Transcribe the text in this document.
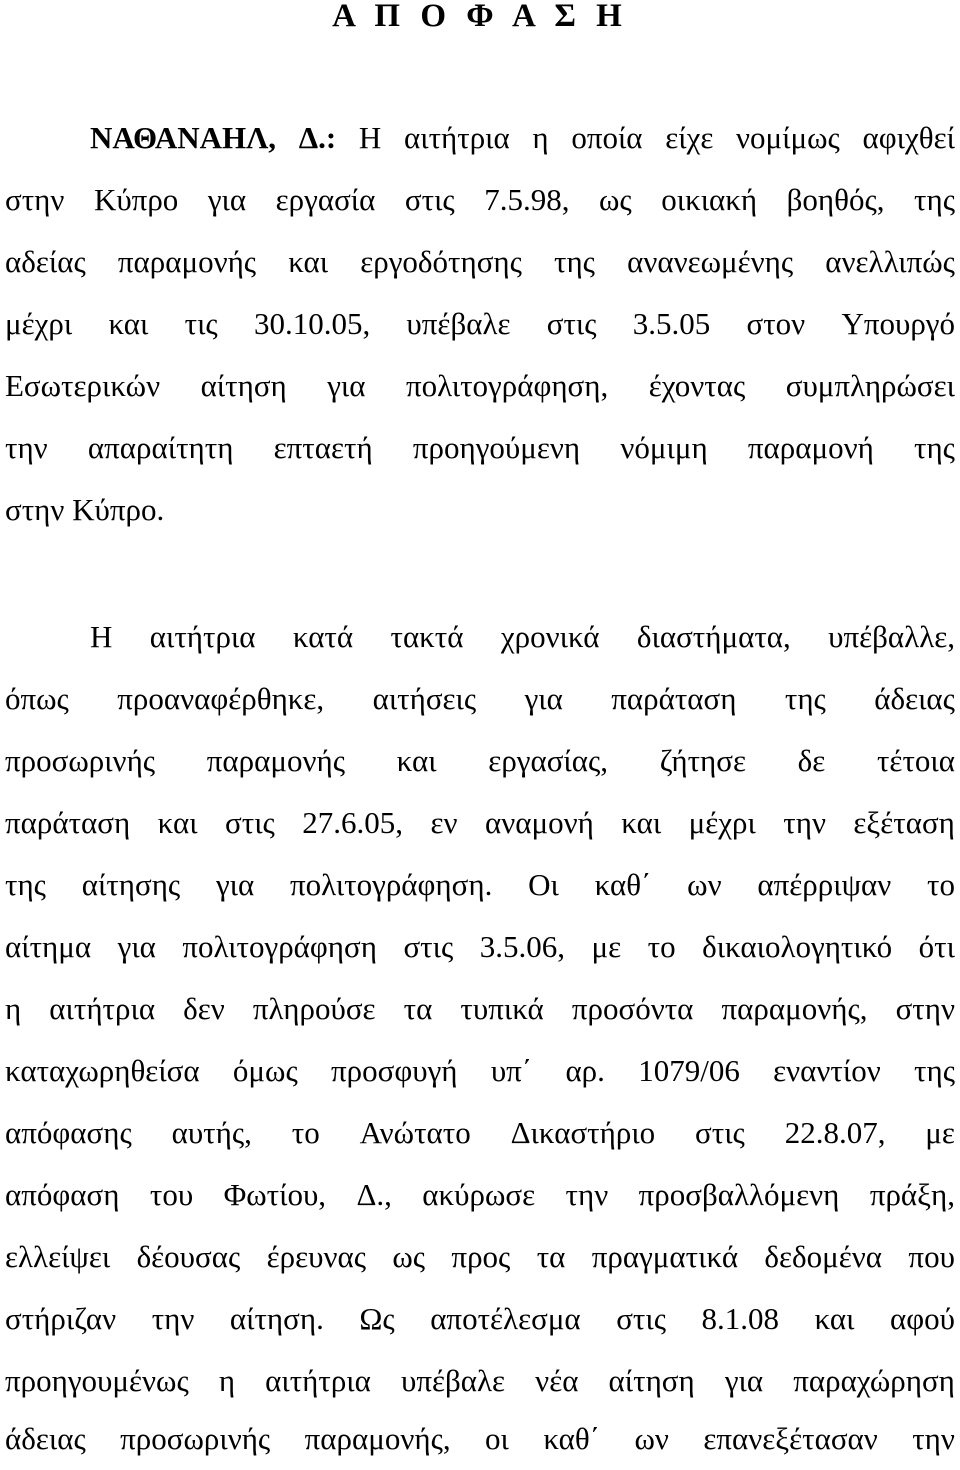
Α Π Ο Φ Α Σ Η
ΝΑΘΑΝΑΗΛ, Δ.: Η αιτήτρια η οποία είχε νομίμως αφιχθεί
στην Κύπρο για εργασία στις 7.5.98, ως οικιακή βοηθός, της
αδείας παραμονής και εργοδότησης της ανανεωμένης ανελλιπώς
μέχρι και τις 30.10.05, υπέβαλε στις 3.5.05 στον Υπουργό
Εσωτερικών αίτηση για πολιτογράφηση, έχοντας συμπληρώσει
την απαραίτητη επταετή προηγούμενη νόμιμη παραμονή της
στην Κύπρο.
Η αιτήτρια κατά τακτά χρονικά διαστήματα, υπέβαλλε,
όπως προαναφέρθηκε, αιτήσεις για παράταση της άδειας
προσωρινής παραμονής και εργασίας, ζήτησε δε τέτοια
παράταση και στις 27.6.05, εν αναμονή και μέχρι την εξέταση
της αίτησης για πολιτογράφηση. Οι καθ΄ ων απέρριψαν το
αίτημα για πολιτογράφηση στις 3.5.06, με το δικαιολογητικό ότι
η αιτήτρια δεν πληρούσε τα τυπικά προσόντα παραμονής, στην
καταχωρηθείσα όμως προσφυγή υπ΄ αρ. 1079/06 εναντίον της
απόφασης αυτής, το Ανώτατο Δικαστήριο στις 22.8.07, με
απόφαση του Φωτίου, Δ., ακύρωσε την προσβαλλόμενη πράξη,
ελλείψει δέουσας έρευνας ως προς τα πραγματικά δεδομένα που
στήριζαν την αίτηση. Ως αποτέλεσμα στις 8.1.08 και αφού
προηγουμένως η αιτήτρια υπέβαλε νέα αίτηση για παραχώρηση
άδειας προσωρινής παραμονής, οι καθ΄ ων επανεξέτασαν την
